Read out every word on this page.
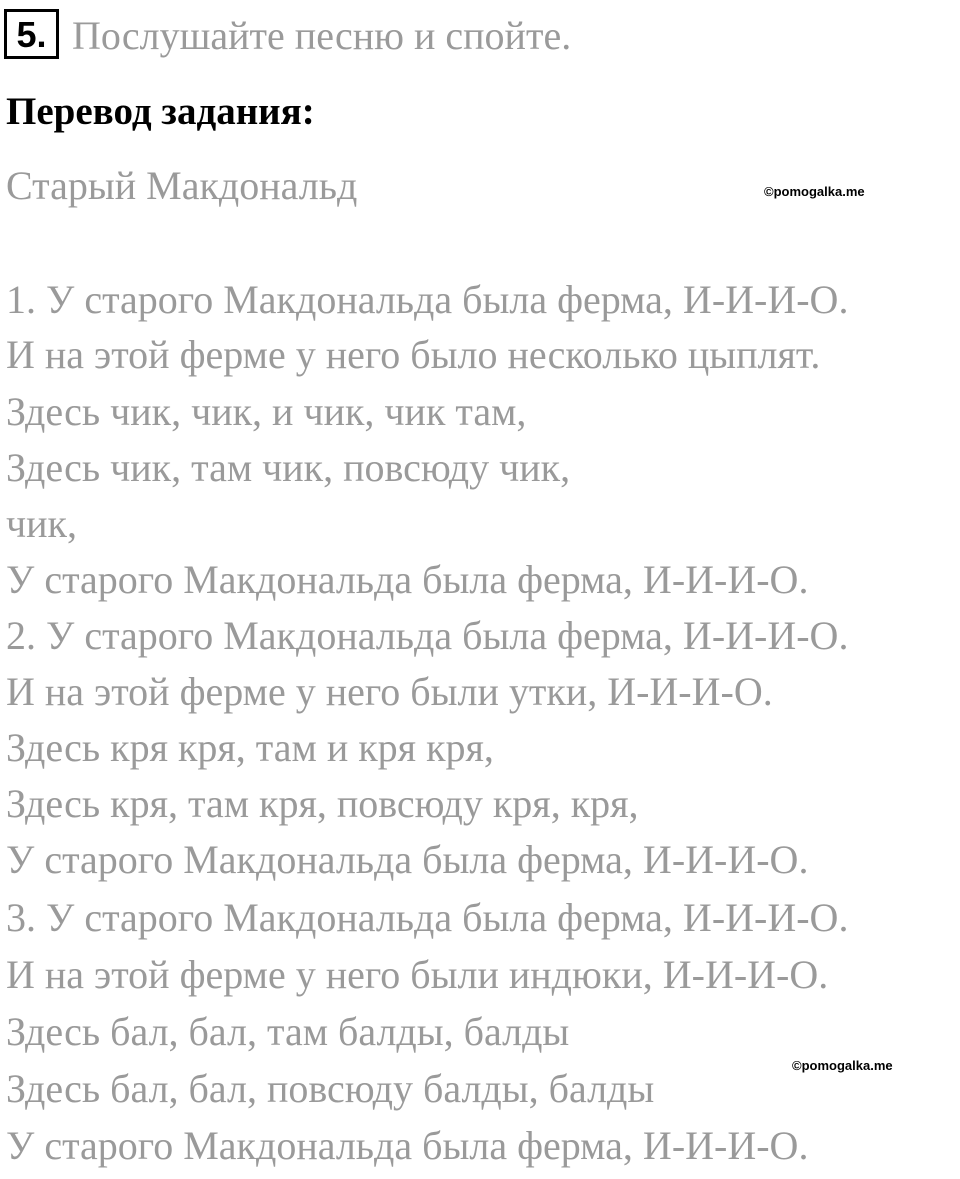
5. Послушайте песню и спойте.
Перевод задания:
Старый Макдональд	©pomogalka.me
1. У старого Макдональда была ферма, И-И-И-О.
И на этой ферме у него было несколько цыплят.
Здесь чик, чик, и чик, чик там,
Здесь чик, там чик, повсюду чик,
чик,
У старого Макдональда была ферма, И-И-И-О.
2. У старого Макдональда была ферма, И-И-И-О.
И на этой ферме у него были утки, И-И-И-О.
Здесь кря кря, там и кря кря,
Здесь кря, там кря, повсюду кря, кря,
У старого Макдональда была ферма, И-И-И-О.
3. У старого Макдональда была ферма, И-И-И-О.
И на этой ферме у него были индюки, И-И-И-О.
Здесь бал, бал, там балды, балды
Здесь бал, бал, повсюду балды, балды
У старого Макдональда была ферма, И-И-И-О.
©pomogalka.me
